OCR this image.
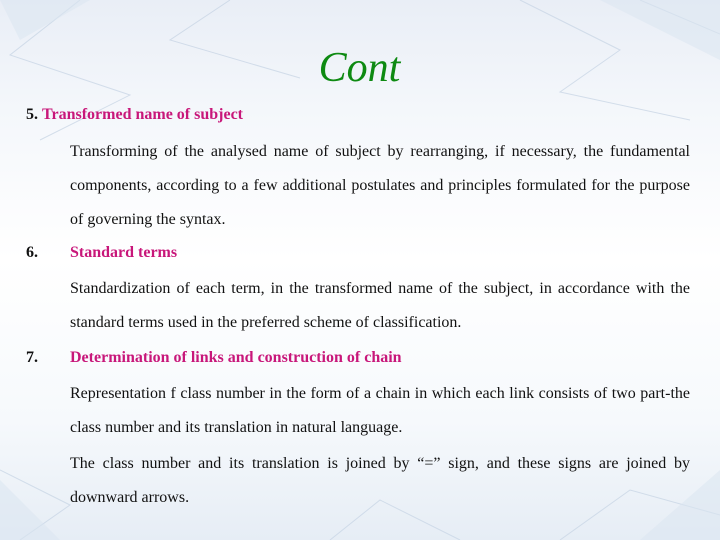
Cont
5. Transformed name of subject
Transforming of the analysed name of subject by rearranging, if necessary, the fundamental components, according to a few additional postulates and principles formulated for the purpose of governing the syntax.
6. Standard terms
Standardization of each term, in the transformed name of the subject, in accordance with the standard terms used in the preferred scheme of classification.
7. Determination of links and construction of chain
Representation f class number in the form of a chain in which each link consists of two part-the class number and its translation in natural language.
The class number and its translation is joined by “=” sign, and these signs are joined by downward arrows.
